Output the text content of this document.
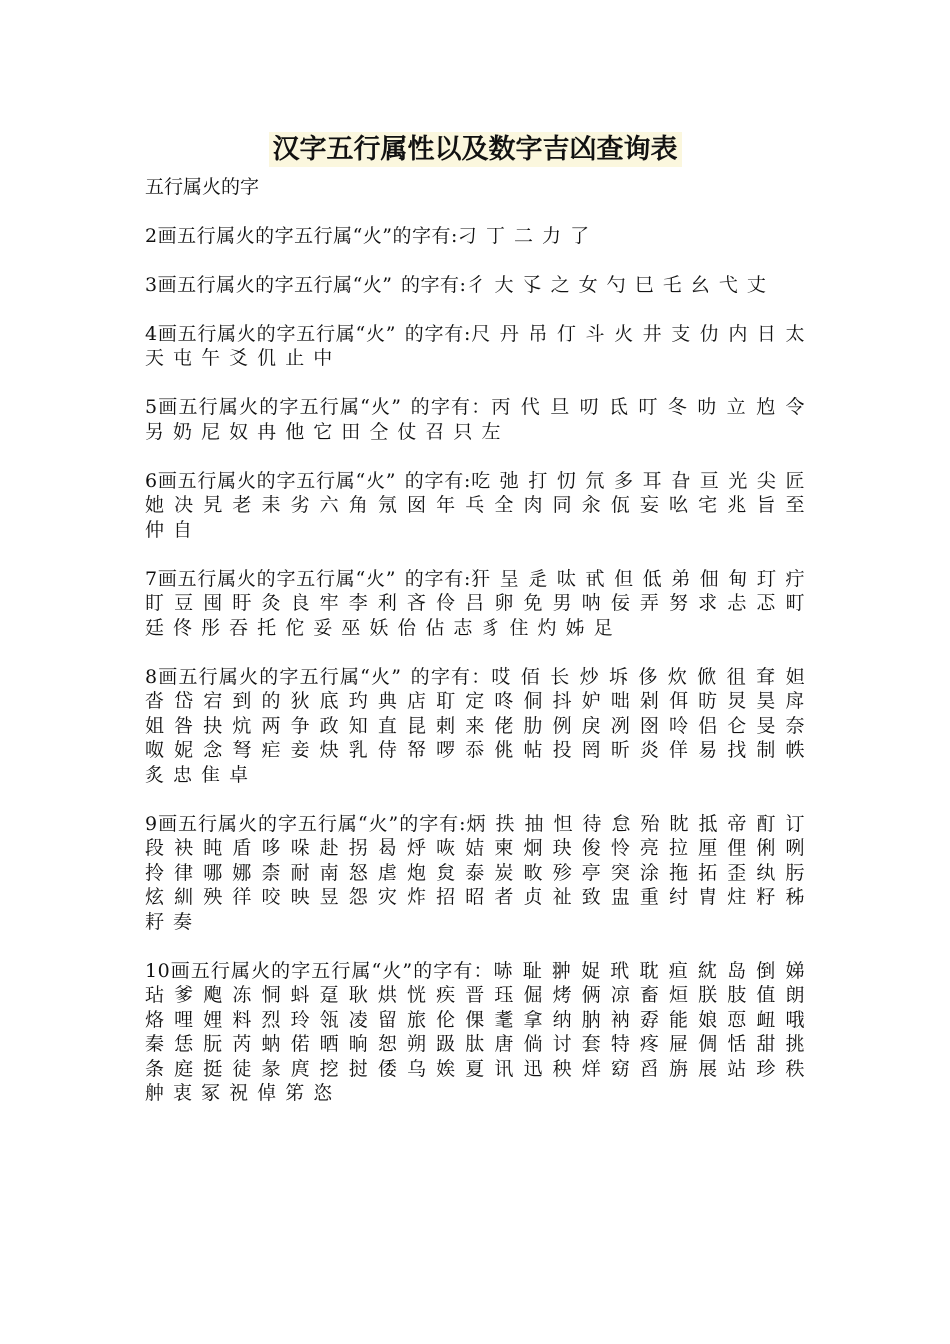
汉字五行属性以及数字吉凶查询表

五行属火的字

2画五行属火的字五行属“火”的字有:刁 丁 二 力 了

3画五行属火的字五行属“火” 的字有:彳 大 孓 之 女 勺 巳 乇 幺 弋 丈

4画五行属火的字五行属“火” 的字有:尺 丹 吊 仃 斗 火 井 支 仂 内 日 太 天 屯 午 爻 仉 止 中

5画五行属火的字五行属“火” 的字有：丙 代 旦 叨 氐 叮 冬 叻 立 尥 令 另 奶 尼 奴 冉 他 它 田 仝 仗 召 只 左

6画五行属火的字五行属“火” 的字有:吃 弛 打 忉 氘 多 耳 旮 亘 光 尖 匠 她 决 旯 老 耒 劣 六 角 氖 囡 年 乓 全 肉 同 汆 佤 妄 吆 宅 兆 旨 至 仲 自

7画五行属火的字五行属“火” 的字有:犴 呈 辵 呔 甙 但 低 弟 佃 甸 玎 疔 盯 豆 囤 盱 灸 良 牢 李 利 吝 伶 吕 卵 免 男 呐 佞 弄 努 求 忐 忑 町 廷 佟 彤 吞 托 佗 妥 巫 妖 佁 佔 志 豸 住 灼 姊 足

8画五行属火的字五行属“火” 的字有：哎 佰 长 炒 坼 侈 炊 俽 徂 耷 妲 沓 岱 宕 到 的 狄 底 玓 典 店 耵 定 咚 侗 抖 妒 咄 剁 佴 昉 炅 昊 戽 姐 咎 抉 炕 两 争 政 知 直 昆 剌 来 佬 肋 例 戾 冽 囹 呤 侣 仑 旻 奈 呶 妮 念 弩 疟 妾 炔 乳 侍 帑 啰 忝 佻 帖 投 罔 昕 炎 佯 易 找 制 帙 炙 忠 隹 卓

9画五行属火的字五行属“火”的字有:炳 抶 抽 怛 待 怠 殆 眈 抵 帝 酊 订 段 袂 盹 盾 哆 哚 赴 拐 曷 烀 咴 姞 柬 炯 玦 俊 怜 亮 拉 厘 俚 俐 咧 拎 律 哪 娜 柰 耐 南 怒 虐 炮 炱 泰 炭 畋 殄 亭 突 涂 拖 拓 歪 纨 肟 炫 紃 殃 徉 咬 映 昱 怨 灾 炸 招 昭 者 贞 祉 致 盅 重 纣 胄 炷 籽 秭 耔 奏

10画五行属火的字五行属“火”的字有：哧 耻 翀 娖 玳 耽 疸 紞 岛 倒 娣 玷 爹 飑 冻 恫 蚪 趸 耿 烘 恍 疾 晋 珏 倔 烤 俩 凉 畜 烜 朕 肢 值 朗 烙 哩 娌 料 烈 玲 瓴 凌 留 旅 伦 倮 耄 拿 纳 肭 衲 孬 能 娘 恧 衄 哦 秦 恁 朊 芮 蚋 偌 晒 晌 恕 朔 趿 肽 唐 倘 讨 套 特 疼 屉 倜 恬 甜 挑 条 庭 挺 徒 彖 庹 挖 挝 倭 乌 娭 夏 讯 迅 秧 烊 窈 舀 旃 展 站 珍 秩 舯 衷 冢 祝 倬 笫 恣
